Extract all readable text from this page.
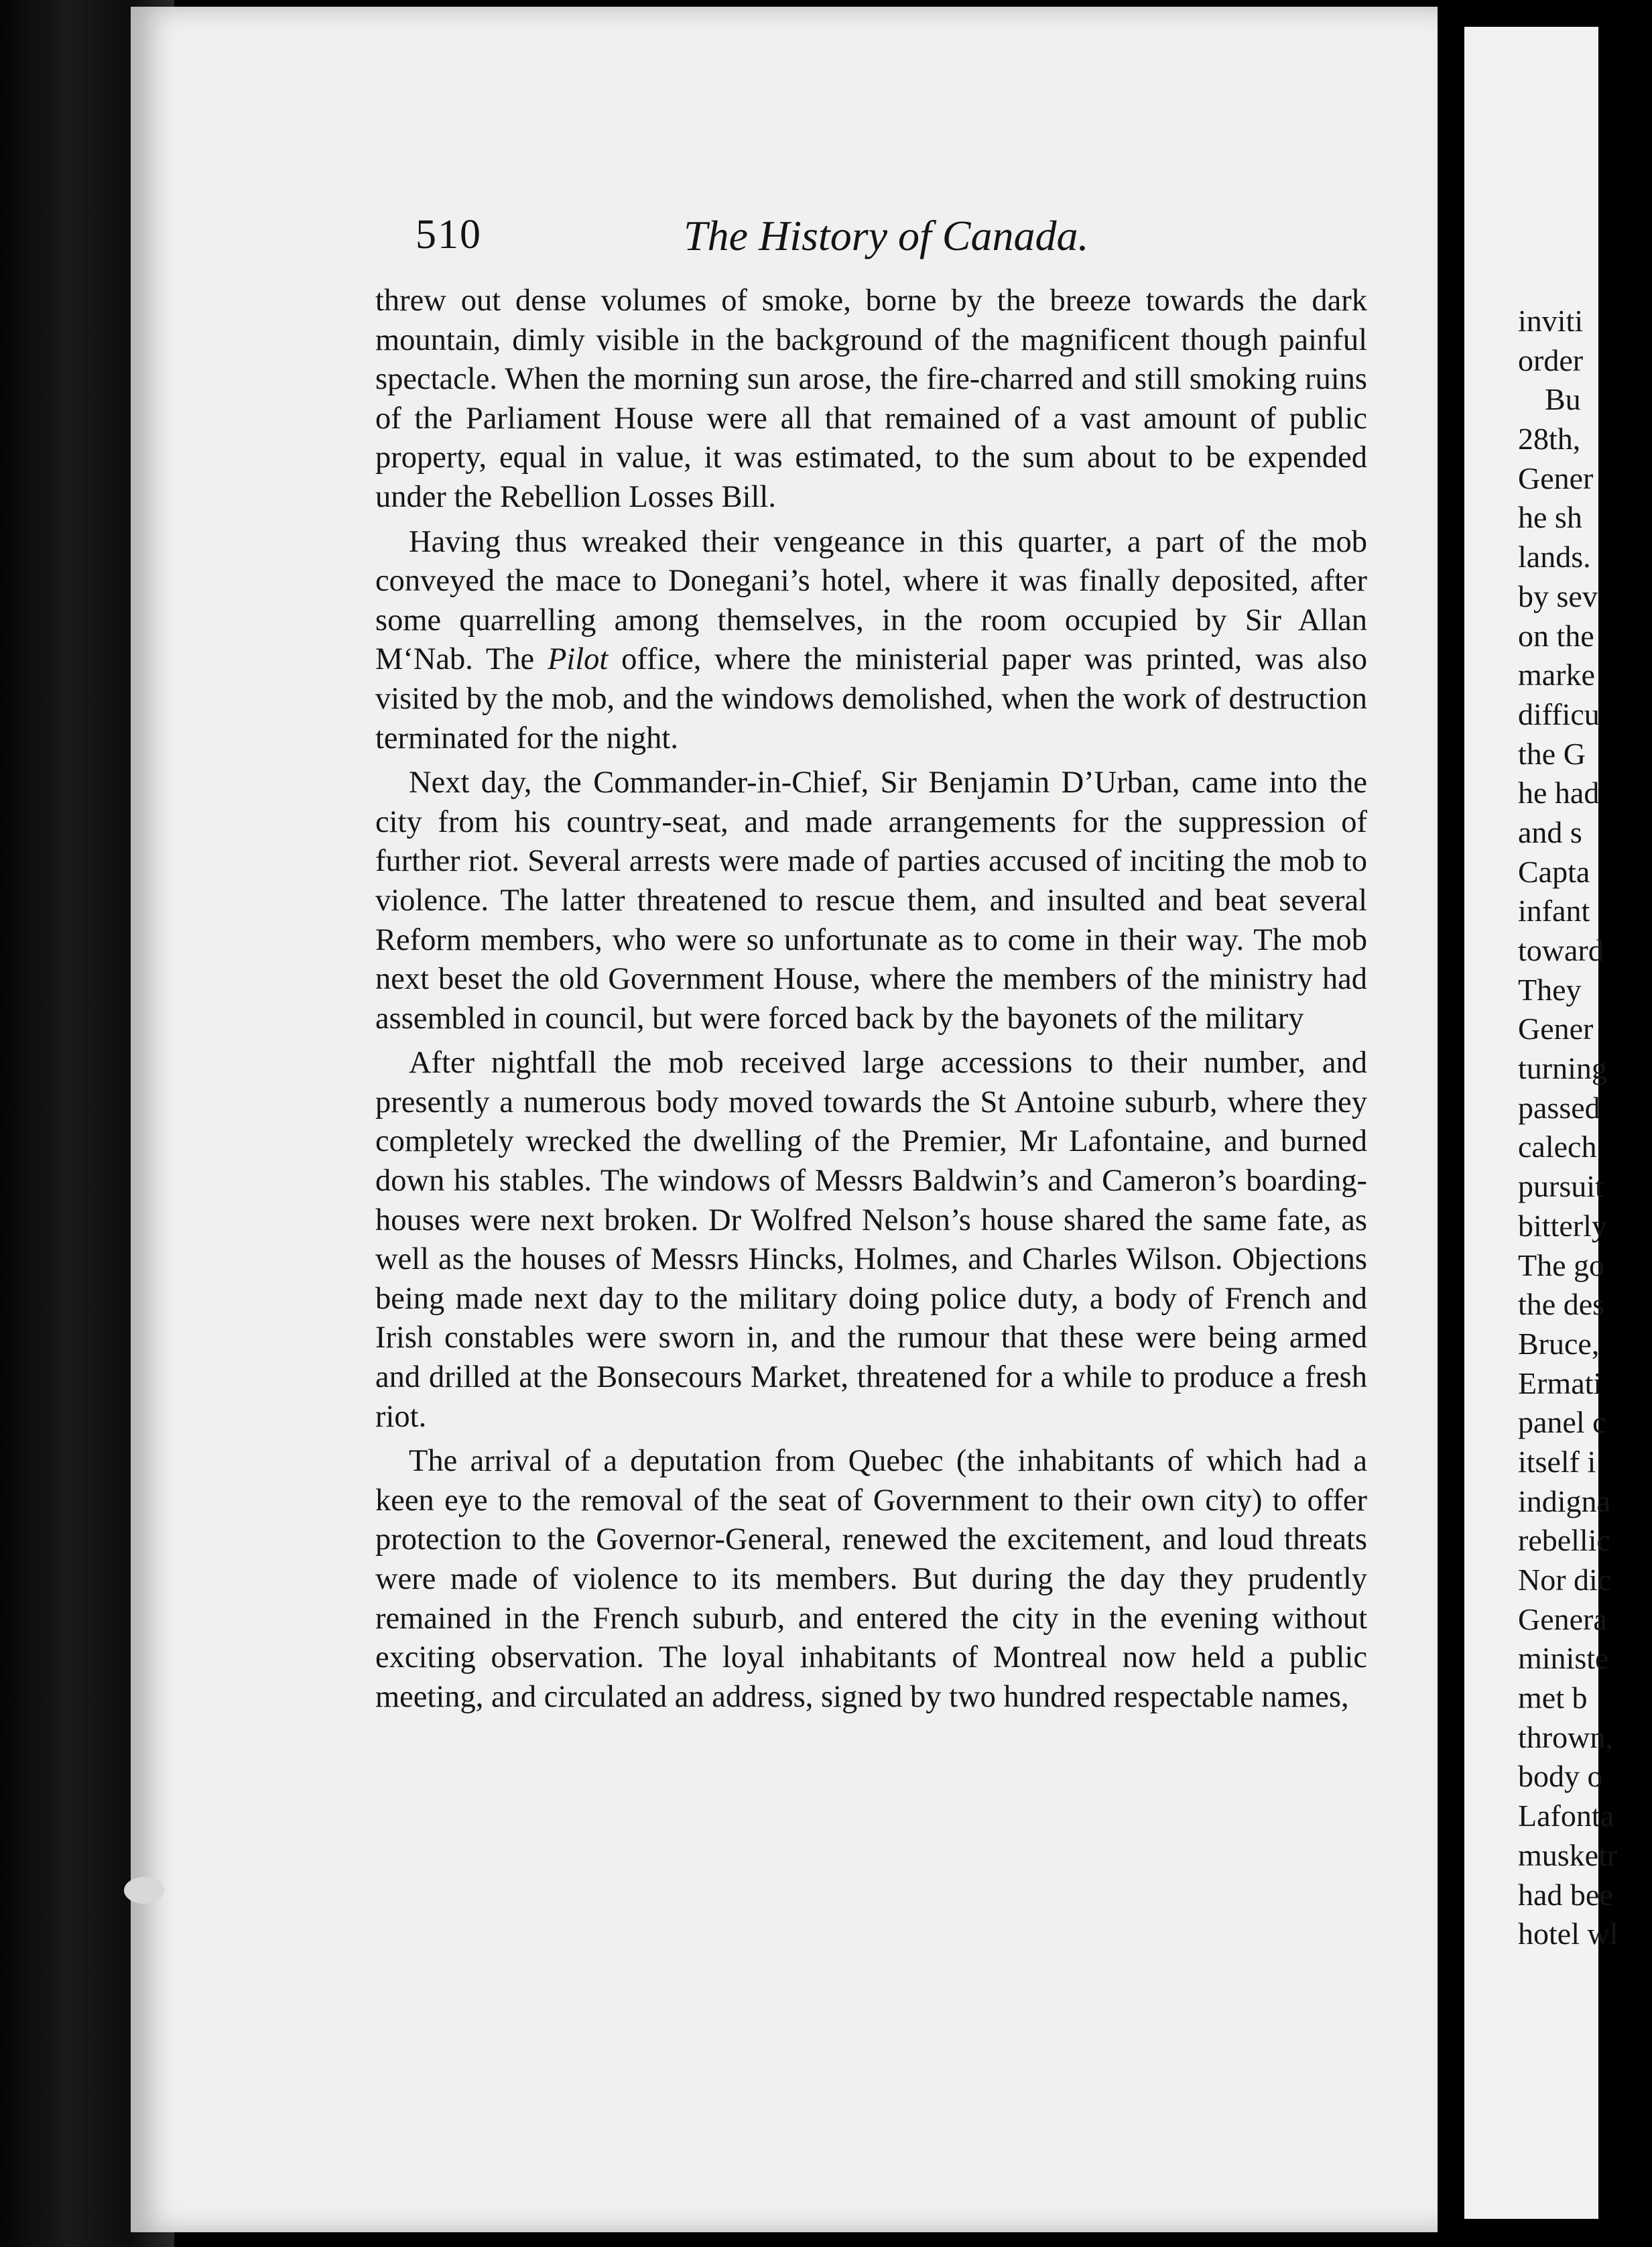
inviti
order
Bu
28th,
Gener
he sh
lands.
by sev
on the
marke
difficu
the G
he had
and s
Capta
infant
toward
They
Gener
turning
passed
calech
pursuit
bitterly
The go
the des
Bruce,
Ermati
panel c
itself i
indigna
rebellic
Nor dic
Genera
ministe
met b
thrown,
body o
Lafonta
musketr
had bee
hotel wl
510	The History of Canada.

threw out dense volumes of smoke, borne by the breeze towards the dark mountain, dimly visible in the background of the magnificent though painful spectacle. When the morning sun arose, the fire-charred and still smoking ruins of the Parliament House were all that remained of a vast amount of public property, equal in value, it was estimated, to the sum about to be expended under the Rebellion Losses Bill.

Having thus wreaked their vengeance in this quarter, a part of the mob conveyed the mace to Donegani’s hotel, where it was finally deposited, after some quarrelling among themselves, in the room occupied by Sir Allan M‘Nab. The Pilot office, where the ministerial paper was printed, was also visited by the mob, and the windows demolished, when the work of destruction terminated for the night.

Next day, the Commander-in-Chief, Sir Benjamin D’Urban, came into the city from his country-seat, and made arrangements for the suppression of further riot. Several arrests were made of parties accused of inciting the mob to violence. The latter threatened to rescue them, and insulted and beat several Reform members, who were so unfortunate as to come in their way. The mob next beset the old Government House, where the members of the ministry had assembled in council, but were forced back by the bayonets of the military

After nightfall the mob received large accessions to their number, and presently a numerous body moved towards the St Antoine suburb, where they completely wrecked the dwelling of the Premier, Mr Lafontaine, and burned down his stables. The windows of Messrs Baldwin’s and Cameron’s boarding-houses were next broken. Dr Wolfred Nelson’s house shared the same fate, as well as the houses of Messrs Hincks, Holmes, and Charles Wilson. Objections being made next day to the military doing police duty, a body of French and Irish constables were sworn in, and the rumour that these were being armed and drilled at the Bonsecours Market, threatened for a while to produce a fresh riot.

The arrival of a deputation from Quebec (the inhabitants of which had a keen eye to the removal of the seat of Government to their own city) to offer protection to the Governor-General, renewed the excitement, and loud threats were made of violence to its members. But during the day they prudently remained in the French suburb, and entered the city in the evening without exciting observation. The loyal inhabitants of Montreal now held a public meeting, and circulated an address, signed by two hundred respectable names,
